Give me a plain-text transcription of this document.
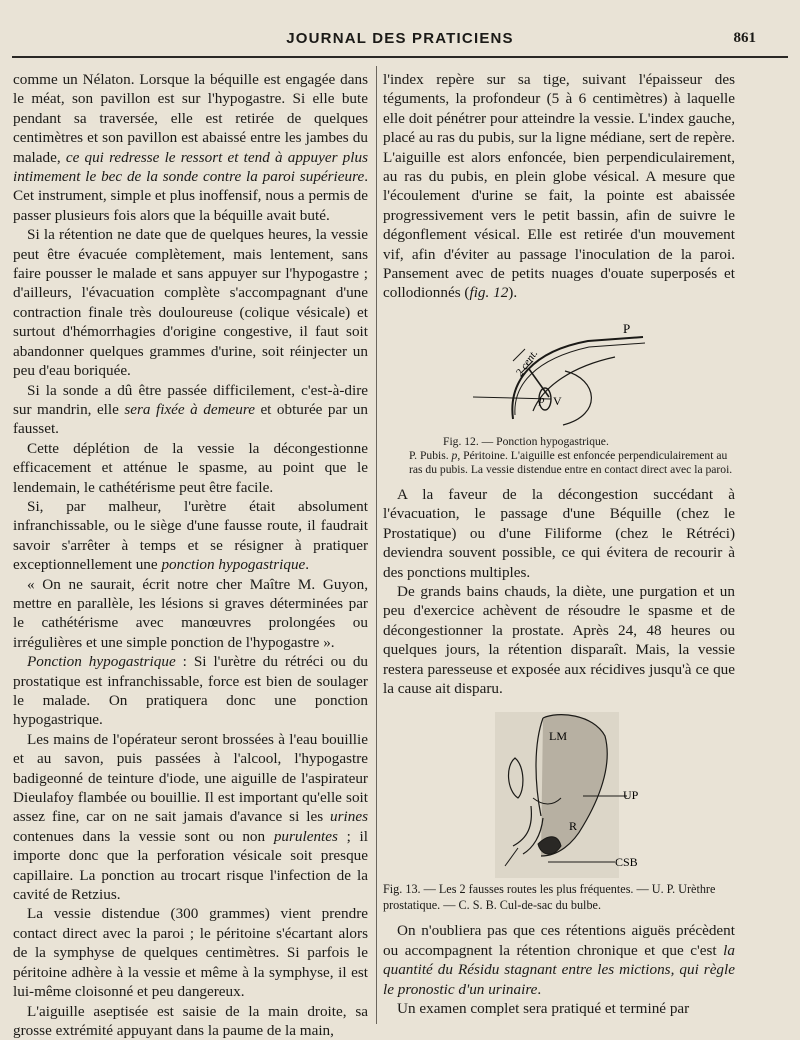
JOURNAL DES PRATICIENS	861

comme un Nélaton. Lorsque la béquille est engagée dans le méat, son pavillon est sur l'hypogastre. Si elle bute pendant sa traversée, elle est retirée de quelques centimètres et son pavillon est abaissé entre les jambes du malade, ce qui redresse le ressort et tend à appuyer plus intimement le bec de la sonde contre la paroi supérieure. Cet instrument, simple et plus inoffensif, nous a permis de passer plusieurs fois alors que la béquille avait buté.

Si la rétention ne date que de quelques heures, la vessie peut être évacuée complètement, mais lentement, sans faire pousser le malade et sans appuyer sur l'hypogastre ; d'ailleurs, l'évacuation complète s'accompagnant d'une contraction finale très douloureuse (colique vésicale) et surtout d'hémorrhagies d'origine congestive, il faut soit abandonner quelques grammes d'urine, soit réinjecter un peu d'eau boriquée.

Si la sonde a dû être passée difficilement, c'est-à-dire sur mandrin, elle sera fixée à demeure et obturée par un fausset.

Cette déplétion de la vessie la décongestionne efficacement et atténue le spasme, au point que le lendemain, le cathétérisme peut être facile.

Si, par malheur, l'urètre était absolument infranchissable, ou le siège d'une fausse route, il faudrait savoir s'arrêter à temps et se résigner à pratiquer exceptionnellement une ponction hypogastrique.

« On ne saurait, écrit notre cher Maître M. Guyon, mettre en parallèle, les lésions si graves déterminées par le cathétérisme avec manœuvres prolongées ou irrégulières et une simple ponction de l'hypogastre ».

Ponction hypogastrique : Si l'urètre du rétréci ou du prostatique est infranchissable, force est bien de soulager le malade. On pratiquera donc une ponction hypogastrique.

Les mains de l'opérateur seront brossées à l'eau bouillie et au savon, puis passées à l'alcool, l'hypogastre badigeonné de teinture d'iode, une aiguille de l'aspirateur Dieulafoy flambée ou bouillie. Il est important qu'elle soit assez fine, car on ne sait jamais d'avance si les urines contenues dans la vessie sont ou non purulentes ; il importe donc que la perforation vésicale soit presque capillaire. La ponction au trocart risque l'infection de la cavité de Retzius.

La vessie distendue (300 grammes) vient prendre contact direct avec la paroi ; le péritoine s'écartant alors de la symphyse de quelques centimètres. Si parfois le péritoine adhère à la vessie et même à la symphyse, il est lui-même cloisonné et peu dangereux.

L'aiguille aseptisée est saisie de la main droite, sa grosse extrémité appuyant dans la paume de la main,

l'index repère sur sa tige, suivant l'épaisseur des téguments, la profondeur (5 à 6 centimètres) à laquelle elle doit pénétrer pour atteindre la vessie. L'index gauche, placé au ras du pubis, sur la ligne médiane, sert de repère. L'aiguille est alors enfoncée, bien perpendiculairement, au ras du pubis, en plein globe vésical. A mesure que l'écoulement d'urine se fait, la pointe est abaissée progressivement vers le petit bassin, afin de suivre le dégonflement vésical. Elle est retirée d'un mouvement vif, afin d'éviter au passage l'inoculation de la paroi. Pansement avec de petits nuages d'ouate superposés et collodionnés (fig. 12).

P
p V
2 cent.
Fig. 12. — Ponction hypogastrique.
P. Pubis. p, Péritoine. L'aiguille est enfoncée perpendiculairement au ras du pubis. La vessie distendue entre en contact direct avec la paroi.

A la faveur de la décongestion succédant à l'évacuation, le passage d'une Béquille (chez le Prostatique) ou d'une Filiforme (chez le Rétréci) deviendra souvent possible, ce qui évitera de recourir à des ponctions multiples.

De grands bains chauds, la diète, une purgation et un peu d'exercice achèvent de résoudre le spasme et de décongestionner la prostate. Après 24, 48 heures ou quelques jours, la rétention disparaît. Mais, la vessie restera paresseuse et exposée aux récidives jusqu'à ce que la cause ait disparu.

LM
UP
R
CSB
Fig. 13. — Les 2 fausses routes les plus fréquentes. — U. P. Urèthre prostatique. — C. S. B. Cul-de-sac du bulbe.

On n'oubliera pas que ces rétentions aiguës précèdent ou accompagnent la rétention chronique et que c'est la quantité du Résidu stagnant entre les mictions, qui règle le pronostic d'un urinaire.

Un examen complet sera pratiqué et terminé par
